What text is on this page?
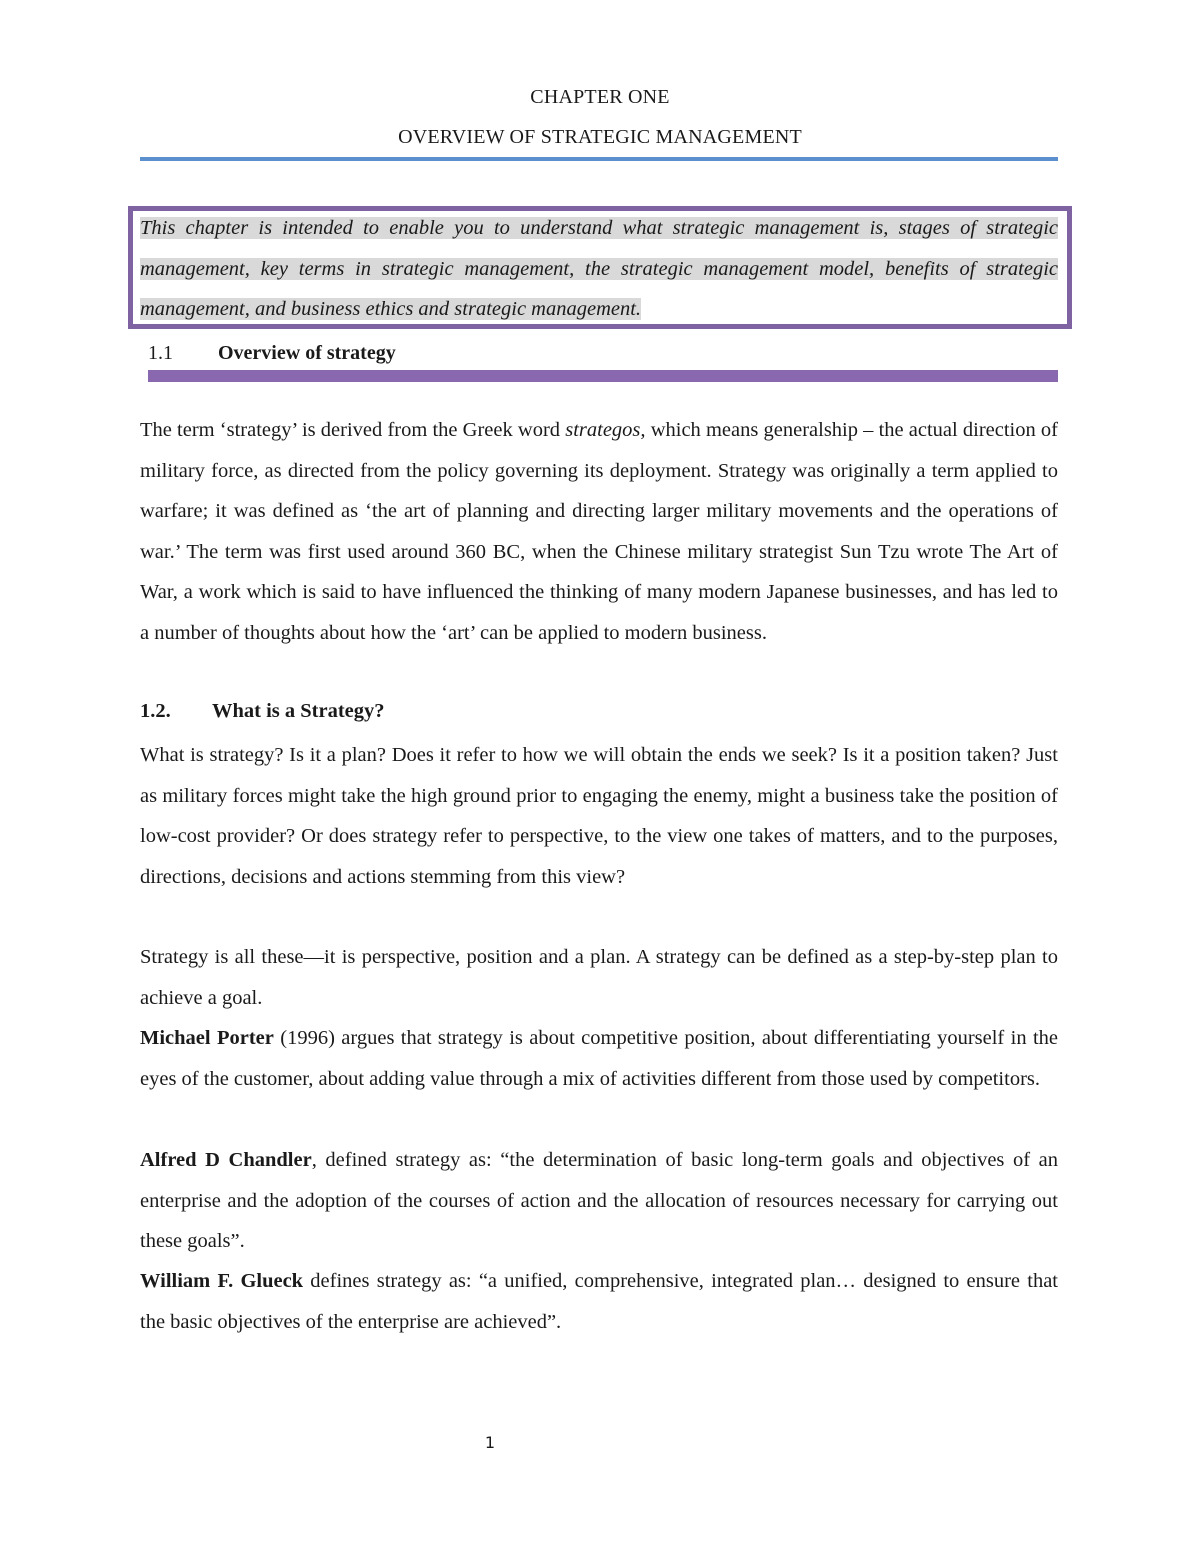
CHAPTER ONE
OVERVIEW OF STRATEGIC MANAGEMENT
This chapter is intended to enable you to understand what strategic management is, stages of strategic management, key terms in strategic management, the strategic management model, benefits of strategic management, and business ethics and strategic management.
1.1 Overview of strategy
The term ‘strategy’ is derived from the Greek word strategos, which means generalship – the actual direction of military force, as directed from the policy governing its deployment. Strategy was originally a term applied to warfare; it was defined as ‘the art of planning and directing larger military movements and the operations of war.’ The term was first used around 360 BC, when the Chinese military strategist Sun Tzu wrote The Art of War, a work which is said to have influenced the thinking of many modern Japanese businesses, and has led to a number of thoughts about how the ‘art’ can be applied to modern business.
1.2. What is a Strategy?
What is strategy? Is it a plan? Does it refer to how we will obtain the ends we seek? Is it a position taken? Just as military forces might take the high ground prior to engaging the enemy, might a business take the position of low-cost provider? Or does strategy refer to perspective, to the view one takes of matters, and to the purposes, directions, decisions and actions stemming from this view?
Strategy is all these—it is perspective, position and a plan. A strategy can be defined as a step-by-step plan to achieve a goal.
Michael Porter (1996) argues that strategy is about competitive position, about differentiating yourself in the eyes of the customer, about adding value through a mix of activities different from those used by competitors.
Alfred D Chandler, defined strategy as: “the determination of basic long-term goals and objectives of an enterprise and the adoption of the courses of action and the allocation of resources necessary for carrying out these goals”.
William F. Glueck defines strategy as: “a unified, comprehensive, integrated plan… designed to ensure that the basic objectives of the enterprise are achieved”.
1
